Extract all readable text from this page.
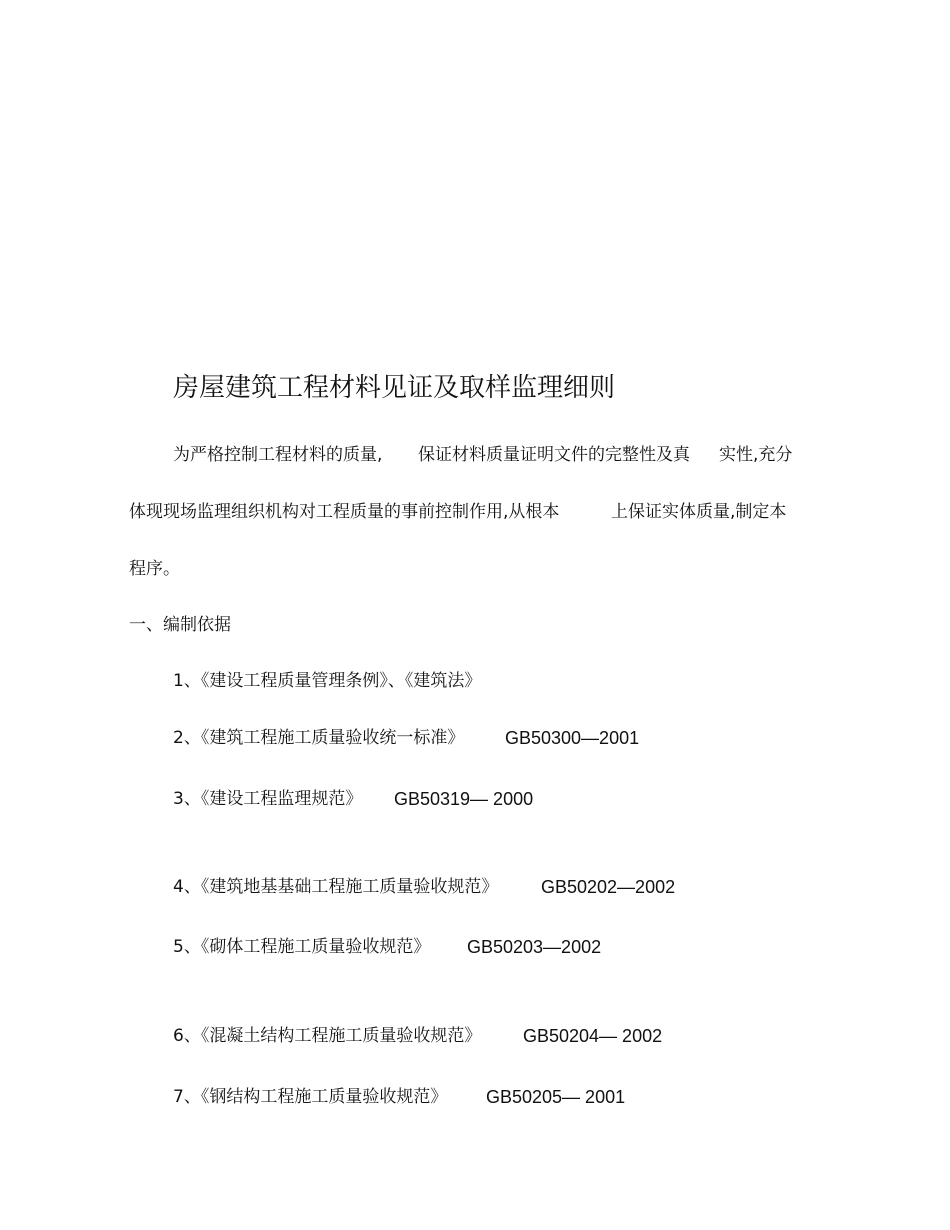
房屋建筑工程材料见证及取样监理细则
为严格控制工程材料的质量, 保证材料质量证明文件的完整性及真 实性,充分
体现现场监理组织机构对工程质量的事前控制作用,从根本	上保证实体质量,制定本
程序。
一、编制依据
1、《建设工程质量管理条例》、《建筑法》
2、《建筑工程施工质量验收统一标准》 GB50300—2001
3、《建设工程监理规范》 GB50319— 2000
4、《建筑地基基础工程施工质量验收规范》 GB50202—2002
5、《砌体工程施工质量验收规范》 GB50203—2002
6、《混凝土结构工程施工质量验收规范》 GB50204— 2002
7、《钢结构工程施工质量验收规范》 GB50205— 2001
